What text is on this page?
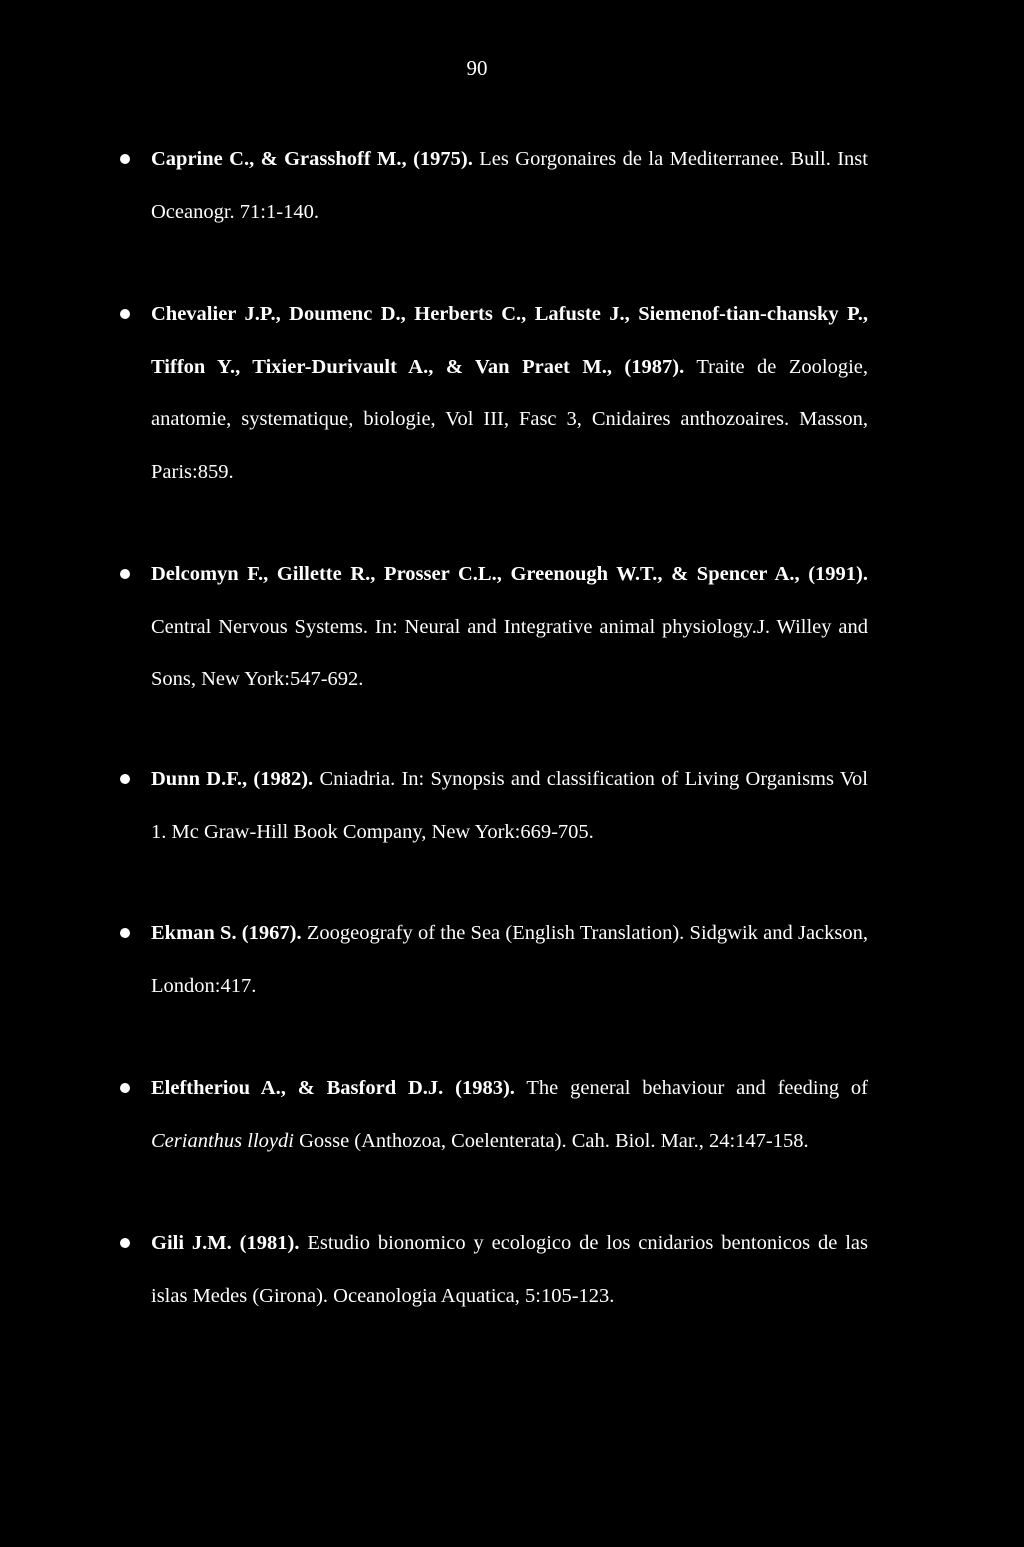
90
Caprine C., & Grasshoff M., (1975). Les Gorgonaires de la Mediterranee. Bull. Inst Oceanogr. 71:1-140.
Chevalier J.P., Doumenc D., Herberts C., Lafuste J., Siemenof-tian-chansky P., Tiffon Y., Tixier-Durivault A., & Van Praet M., (1987). Traite de Zoologie, anatomie, systematique, biologie, Vol III, Fasc 3, Cnidaires anthozoaires. Masson, Paris:859.
Delcomyn F., Gillette R., Prosser C.L., Greenough W.T., & Spencer A., (1991). Central Nervous Systems. In: Neural and Integrative animal physiology.J. Willey and Sons, New York:547-692.
Dunn D.F., (1982). Cniadria. In: Synopsis and classification of Living Organisms Vol 1. Mc Graw-Hill Book Company, New York:669-705.
Ekman S. (1967). Zoogeografy of the Sea (English Translation). Sidgwik and Jackson, London:417.
Eleftheriou A., & Basford D.J. (1983). The general behaviour and feeding of Cerianthus lloydi Gosse (Anthozoa, Coelenterata). Cah. Biol. Mar., 24:147-158.
Gili J.M. (1981). Estudio bionomico y ecologico de los cnidarios bentonicos de las islas Medes (Girona). Oceanologia Aquatica, 5:105-123.
